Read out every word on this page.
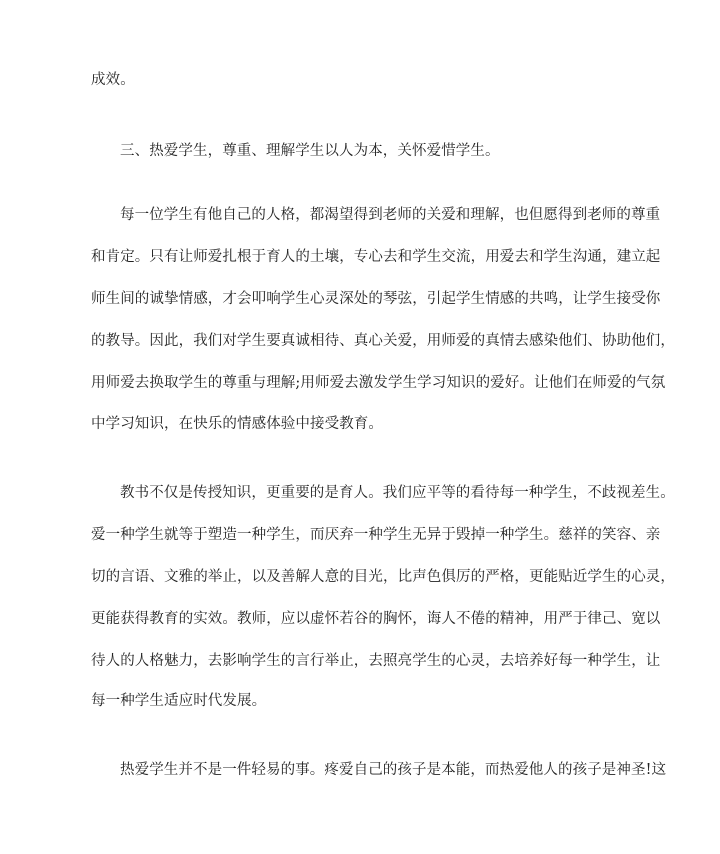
成效。
三、热爱学生，尊重、理解学生以人为本，关怀爱惜学生。
每一位学生有他自己的人格，都渴望得到老师的关爱和理解，也但愿得到老师的尊重
和肯定。只有让师爱扎根于育人的土壤，专心去和学生交流，用爱去和学生沟通，建立起
师生间的诚挚情感，才会叩响学生心灵深处的琴弦，引起学生情感的共鸣，让学生接受你
的教导。因此，我们对学生要真诚相待、真心关爱，用师爱的真情去感染他们、协助他们，
用师爱去换取学生的尊重与理解;用师爱去激发学生学习知识的爱好。让他们在师爱的气氛
中学习知识，在快乐的情感体验中接受教育。
教书不仅是传授知识，更重要的是育人。我们应平等的看待每一种学生，不歧视差生。
爱一种学生就等于塑造一种学生，而厌弃一种学生无异于毁掉一种学生。慈祥的笑容、亲
切的言语、文雅的举止，以及善解人意的目光，比声色俱厉的严格，更能贴近学生的心灵，
更能获得教育的实效。教师，应以虚怀若谷的胸怀，诲人不倦的精神，用严于律己、宽以
待人的人格魅力，去影响学生的言行举止，去照亮学生的心灵，去培养好每一种学生，让
每一种学生适应时代发展。
热爱学生并不是一件轻易的事。疼爱自己的孩子是本能，而热爱他人的孩子是神圣!这
